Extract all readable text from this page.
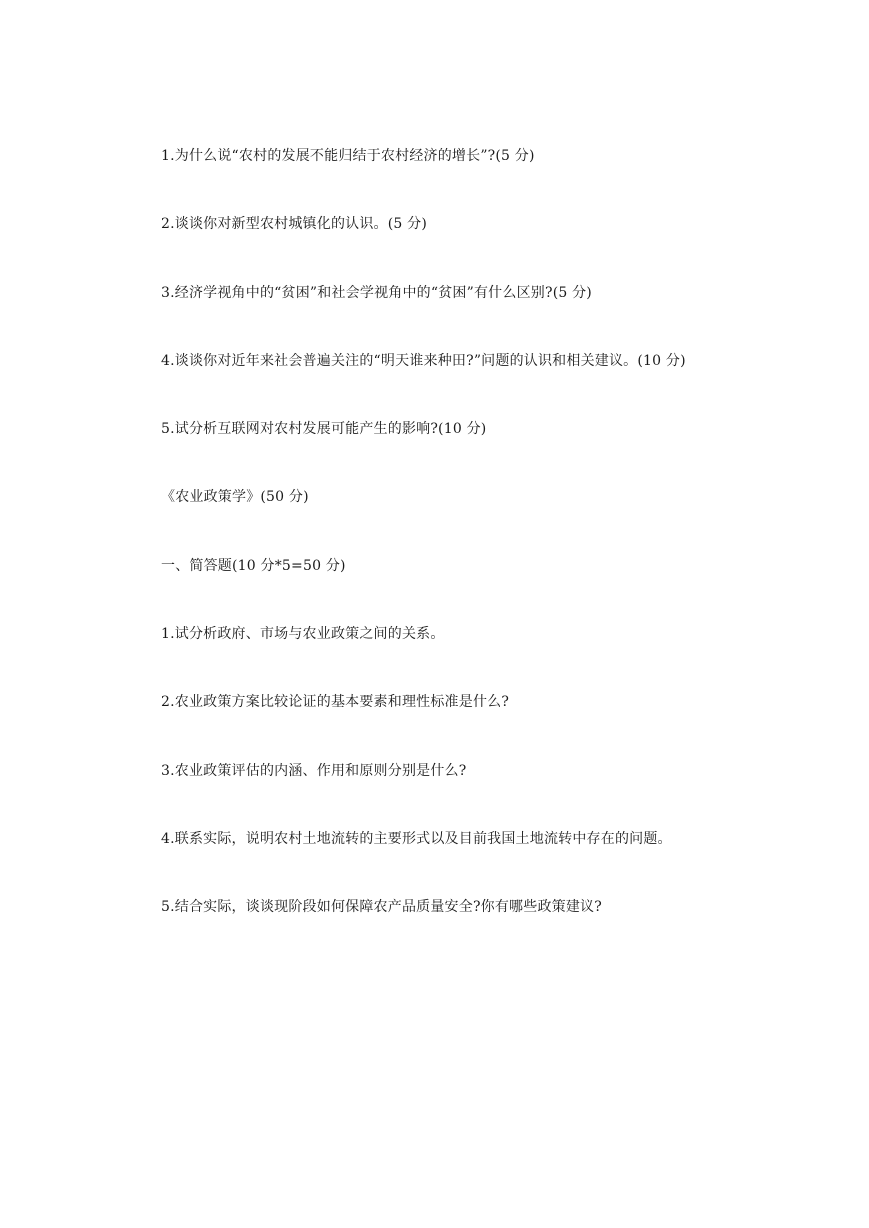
1.为什么说“农村的发展不能归结于农村经济的增长”?(5 分)
2.谈谈你对新型农村城镇化的认识。(5 分)
3.经济学视角中的“贫困”和社会学视角中的“贫困”有什么区别?(5 分)
4.谈谈你对近年来社会普遍关注的“明天谁来种田?”问题的认识和相关建议。(10 分)
5.试分析互联网对农村发展可能产生的影响?(10 分)
《农业政策学》(50 分)
一、简答题(10 分*5=50 分)
1.试分析政府、市场与农业政策之间的关系。
2.农业政策方案比较论证的基本要素和理性标准是什么?
3.农业政策评估的内涵、作用和原则分别是什么?
4.联系实际，说明农村土地流转的主要形式以及目前我国土地流转中存在的问题。
5.结合实际，谈谈现阶段如何保障农产品质量安全?你有哪些政策建议?
